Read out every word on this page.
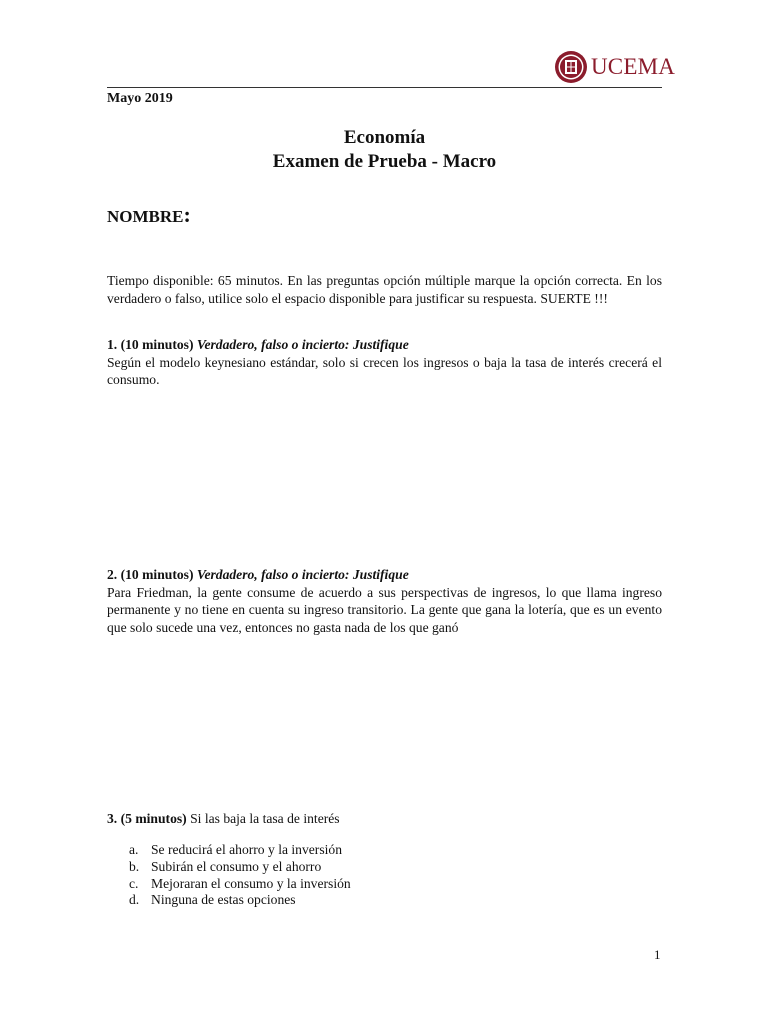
UCEMA
Mayo 2019
Economía
Examen de Prueba - Macro
NOMBRE:
Tiempo disponible: 65 minutos. En las preguntas opción múltiple marque la opción correcta. En los verdadero o falso, utilice solo el espacio disponible para justificar su respuesta. SUERTE !!!
1. (10 minutos) Verdadero, falso o incierto: Justifique
Según el modelo keynesiano estándar, solo si crecen los ingresos o baja la tasa de interés crecerá el consumo.
2. (10 minutos) Verdadero, falso o incierto: Justifique
Para Friedman, la gente consume de acuerdo a sus perspectivas de ingresos, lo que llama ingreso permanente y no tiene en cuenta su ingreso transitorio. La gente que gana la lotería, que es un evento que solo sucede una vez, entonces no gasta nada de los que ganó
3. (5 minutos) Si las baja la tasa de interés
a. Se reducirá el ahorro y la inversión
b. Subirán el consumo y el ahorro
c. Mejoraran el consumo y la inversión
d. Ninguna de estas opciones
1
